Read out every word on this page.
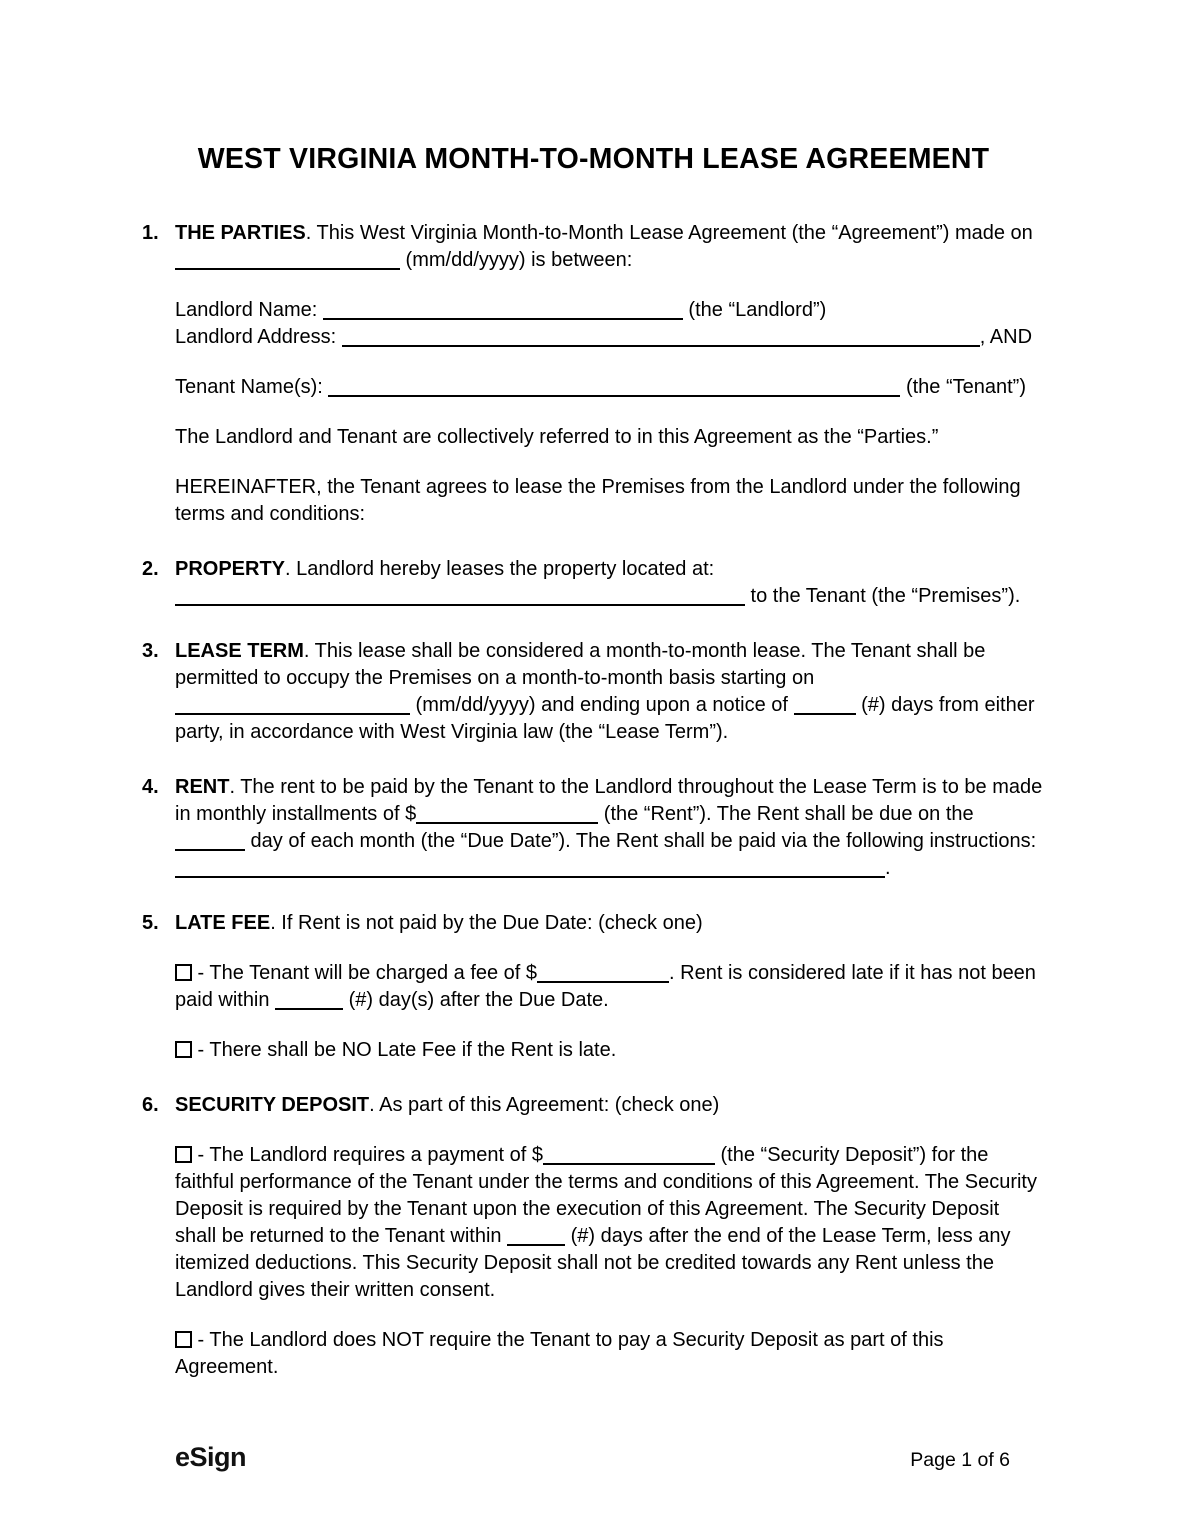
WEST VIRGINIA MONTH-TO-MONTH LEASE AGREEMENT
1. THE PARTIES. This West Virginia Month-to-Month Lease Agreement (the “Agreement”) made on  (mm/dd/yyyy) is between:

Landlord Name:	(the “Landlord”)
Landlord Address:	, AND

Tenant Name(s):	(the “Tenant”)

The Landlord and Tenant are collectively referred to in this Agreement as the “Parties.”

HEREINAFTER, the Tenant agrees to lease the Premises from the Landlord under the following terms and conditions:

2. PROPERTY. Landlord hereby leases the property located at:  to the Tenant (the “Premises”).

3. LEASE TERM. This lease shall be considered a month-to-month lease. The Tenant shall be permitted to occupy the Premises on a month-to-month basis starting on  (mm/dd/yyyy) and ending upon a notice of	(#) days from either party, in accordance with West Virginia law (the “Lease Term”).

4. RENT. The rent to be paid by the Tenant to the Landlord throughout the Lease Term is to be made in monthly installments of $	(the “Rent”). The Rent shall be due on the  day of each month (the “Due Date”). The Rent shall be paid via the following instructions: .

5. LATE FEE. If Rent is not paid by the Due Date: (check one)

- The Tenant will be charged a fee of $	. Rent is considered late if it has not been paid within	(#) day(s) after the Due Date.

- There shall be NO Late Fee if the Rent is late.

6. SECURITY DEPOSIT. As part of this Agreement: (check one)

- The Landlord requires a payment of $	(the “Security Deposit”) for the faithful performance of the Tenant under the terms and conditions of this Agreement. The Security Deposit is required by the Tenant upon the execution of this Agreement. The Security Deposit shall be returned to the Tenant within	(#) days after the end of the Lease Term, less any itemized deductions. This Security Deposit shall not be credited towards any Rent unless the Landlord gives their written consent.

- The Landlord does NOT require the Tenant to pay a Security Deposit as part of this Agreement.

eSign	Page 1 of 6
